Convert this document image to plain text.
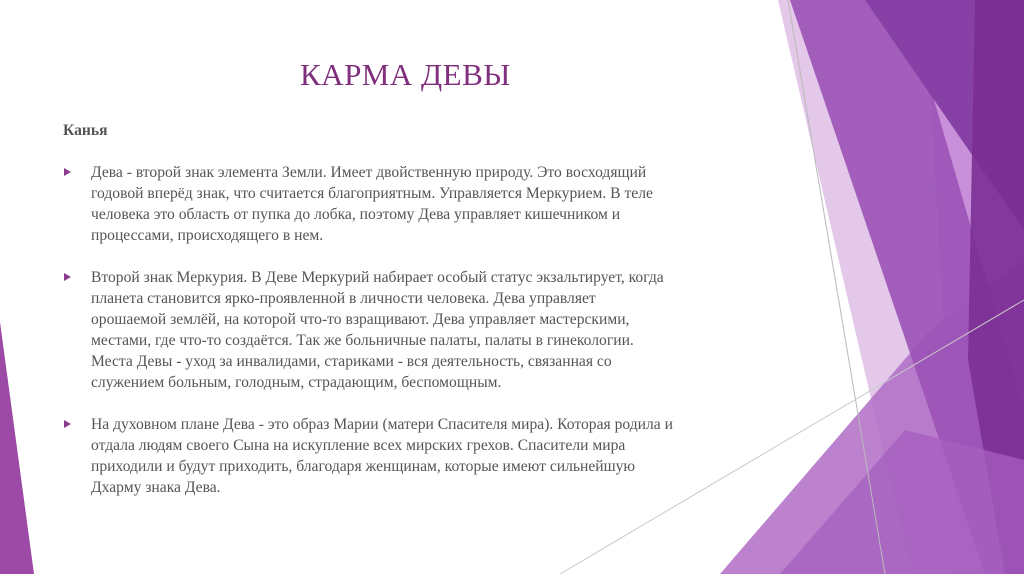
КАРМА ДЕВЫ
Канья
Дева - второй знак элемента Земли. Имеет двойственную природу. Это восходящий
годовой вперёд знак, что считается благоприятным. Управляется Меркурием. В теле
человека это область от пупка до лобка, поэтому Дева управляет кишечником и
процессами, происходящего в нем.
Второй знак Меркурия. В Деве Меркурий набирает особый статус экзальтирует, когда
планета становится ярко-проявленной в личности человека. Дева управляет
орошаемой землёй, на которой что-то взращивают. Дева управляет мастерскими,
местами, где что-то создаётся. Так же больничные палаты, палаты в гинекологии.
Места Девы - уход за инвалидами, стариками - вся деятельность, связанная со
служением больным, голодным, страдающим, беспомощным.
На духовном плане Дева - это образ Марии (матери Спасителя мира). Которая родила и
отдала людям своего Сына на искупление всех мирских грехов. Спасители мира
приходили и будут приходить, благодаря женщинам, которые имеют сильнейшую
Дхарму знака Дева.
